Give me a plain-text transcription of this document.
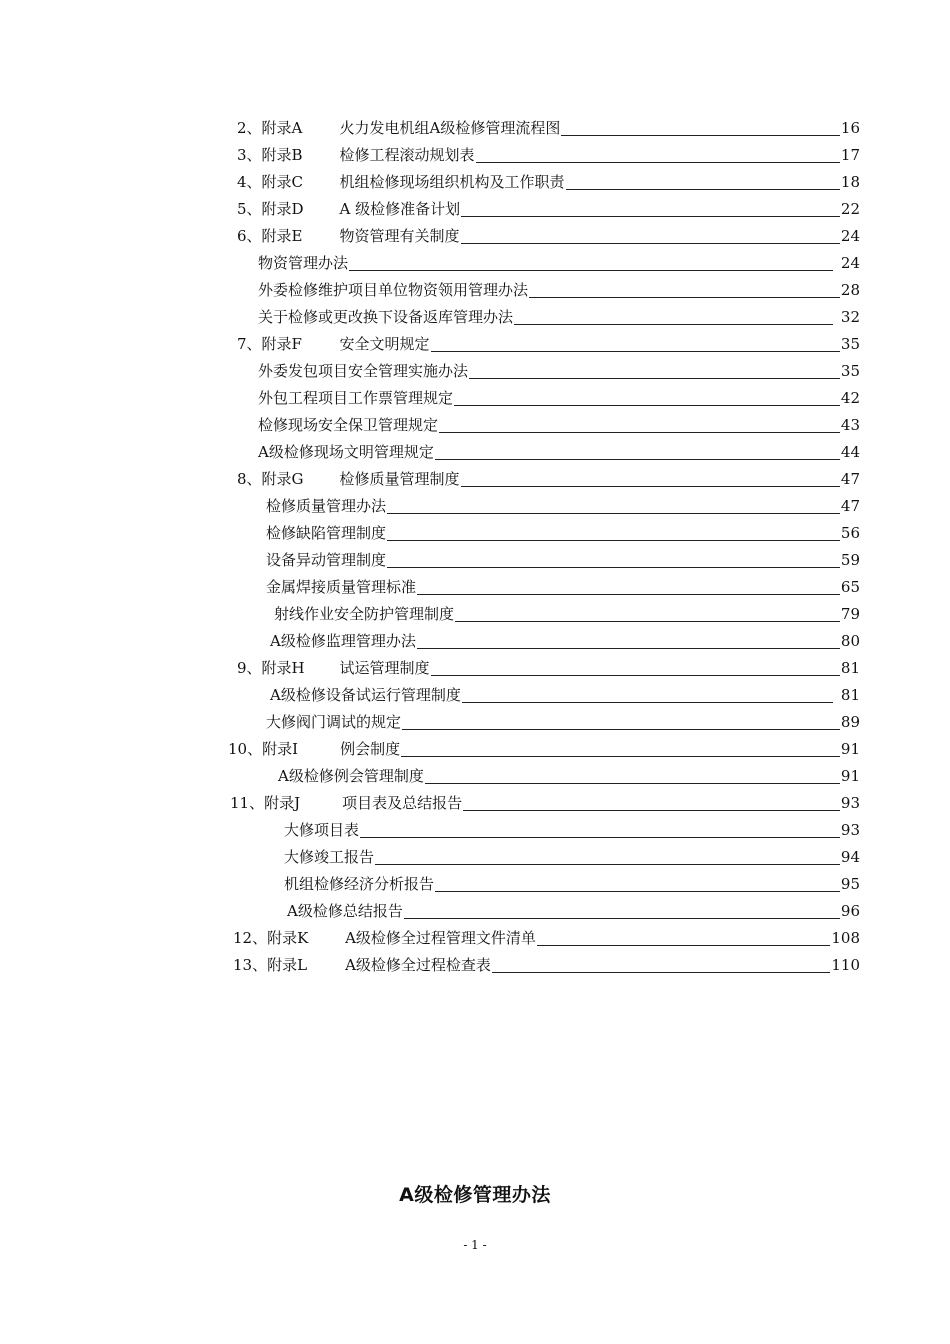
2、 附录A	火力发电机组A级检修管理流程图	16
3、 附录B	检修工程滚动规划表	17
4、 附录C	机组检修现场组织机构及工作职责	18
5、 附录D	A 级检修准备计划	22
6、 附录E	物资管理有关制度	24
物资管理办法	24
外委检修维护项目单位物资领用管理办法	28
关于检修或更改换下设备返库管理办法	32
7、 附录F	安全文明规定	35
外委发包项目安全管理实施办法	35
外包工程项目工作票管理规定	42
检修现场安全保卫管理规定	43
A级检修现场文明管理规定	44
8、 附录G	检修质量管理制度	47
检修质量管理办法	47
检修缺陷管理制度	56
设备异动管理制度	59
金属焊接质量管理标准	65
射线作业安全防护管理制度	79
A级检修监理管理办法	80
9、 附录H	试运管理制度	81
A级检修设备试运行管理制度	81
大修阀门调试的规定	89
10、 附录I	例会制度	91
A级检修例会管理制度	91
11、 附录J	项目表及总结报告	93
大修项目表	93
大修竣工报告	94
机组检修经济分析报告	95
A级检修总结报告	96
12、 附录K	A级检修全过程管理文件清单	108
13、 附录L	A级检修全过程检查表	110
A级检修管理办法
- 1 -
